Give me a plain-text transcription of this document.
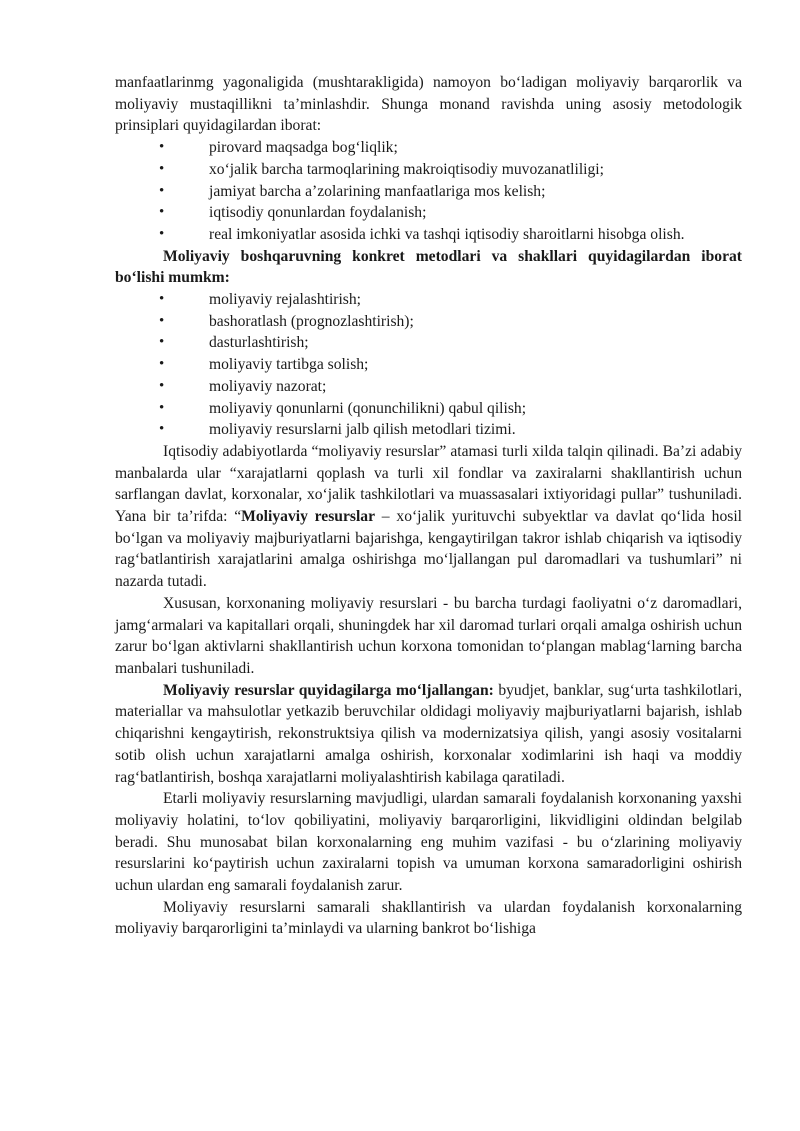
manfaatlarinmg yagonaligida (mushtarakligida) namoyon bo‘ladigan moliyaviy barqarorlik va moliyaviy mustaqillikni ta’minlashdir. Shunga monand ravishda uning asosiy metodologik prinsiplari quyidagilardan iborat:

•	pirovard maqsadga bog‘liqlik;
•	xo‘jalik barcha tarmoqlarining makroiqtisodiy muvozanatliligi;
•	jamiyat barcha a’zolarining manfaatlariga mos kelish;
•	iqtisodiy qonunlardan foydalanish;
•	real imkoniyatlar asosida ichki va tashqi iqtisodiy sharoitlarni hisobga olish.

Moliyaviy boshqaruvning konkret metodlari va shakllari quyidagilardan iborat bo‘lishi mumkm:

•	moliyaviy rejalashtirish;
•	bashoratlash (prognozlashtirish);
•	dasturlashtirish;
•	moliyaviy tartibga solish;
•	moliyaviy nazorat;
•	moliyaviy qonunlarni (qonunchilikni) qabul qilish;
•	moliyaviy resurslarni jalb qilish metodlari tizimi.

Iqtisodiy adabiyotlarda “moliyaviy resurslar” atamasi turli xilda talqin qilinadi. Ba’zi adabiy manbalarda ular “xarajatlarni qoplash va turli xil fondlar va zaxiralarni shakllantirish uchun sarflangan davlat, korxonalar, xo‘jalik tashkilotlari va muassasalari ixtiyoridagi pullar” tushuniladi. Yana bir ta’rifda: “Moliyaviy resurslar – xo‘jalik yurituvchi subyektlar va davlat qo‘lida hosil bo‘lgan va moliyaviy majburiyatlarni bajarishga, kengaytirilgan takror ishlab chiqarish va iqtisodiy rag‘batlantirish xarajatlarini amalga oshirishga mo‘ljallangan pul daromadlari va tushumlari” ni nazarda tutadi.

Xususan, korxonaning moliyaviy resurslari - bu barcha turdagi faoliyatni o‘z daromadlari, jamg‘armalari va kapitallari orqali, shuningdek har xil daromad turlari orqali amalga oshirish uchun zarur bo‘lgan aktivlarni shakllantirish uchun korxona tomonidan to‘plangan mablag‘larning barcha manbalari tushuniladi.

Moliyaviy resurslar quyidagilarga mo‘ljallangan: byudjet, banklar, sug‘urta tashkilotlari, materiallar va mahsulotlar yetkazib beruvchilar oldidagi moliyaviy majburiyatlarni bajarish, ishlab chiqarishni kengaytirish, rekonstruktsiya qilish va modernizatsiya qilish, yangi asosiy vositalarni sotib olish uchun xarajatlarni amalga oshirish, korxonalar xodimlarini ish haqi va moddiy rag‘batlantirish, boshqa xarajatlarni moliyalashtirish kabilaga qaratiladi.

Etarli moliyaviy resurslarning mavjudligi, ulardan samarali foydalanish korxonaning yaxshi moliyaviy holatini, to‘lov qobiliyatini, moliyaviy barqarorligini, likvidligini oldindan belgilab beradi. Shu munosabat bilan korxonalarning eng muhim vazifasi - bu o‘zlarining moliyaviy resurslarini ko‘paytirish uchun zaxiralarni topish va umuman korxona samaradorligini oshirish uchun ulardan eng samarali foydalanish zarur.

Moliyaviy resurslarni samarali shakllantirish va ulardan foydalanish korxonalarning moliyaviy barqarorligini ta’minlaydi va ularning bankrot bo‘lishiga
